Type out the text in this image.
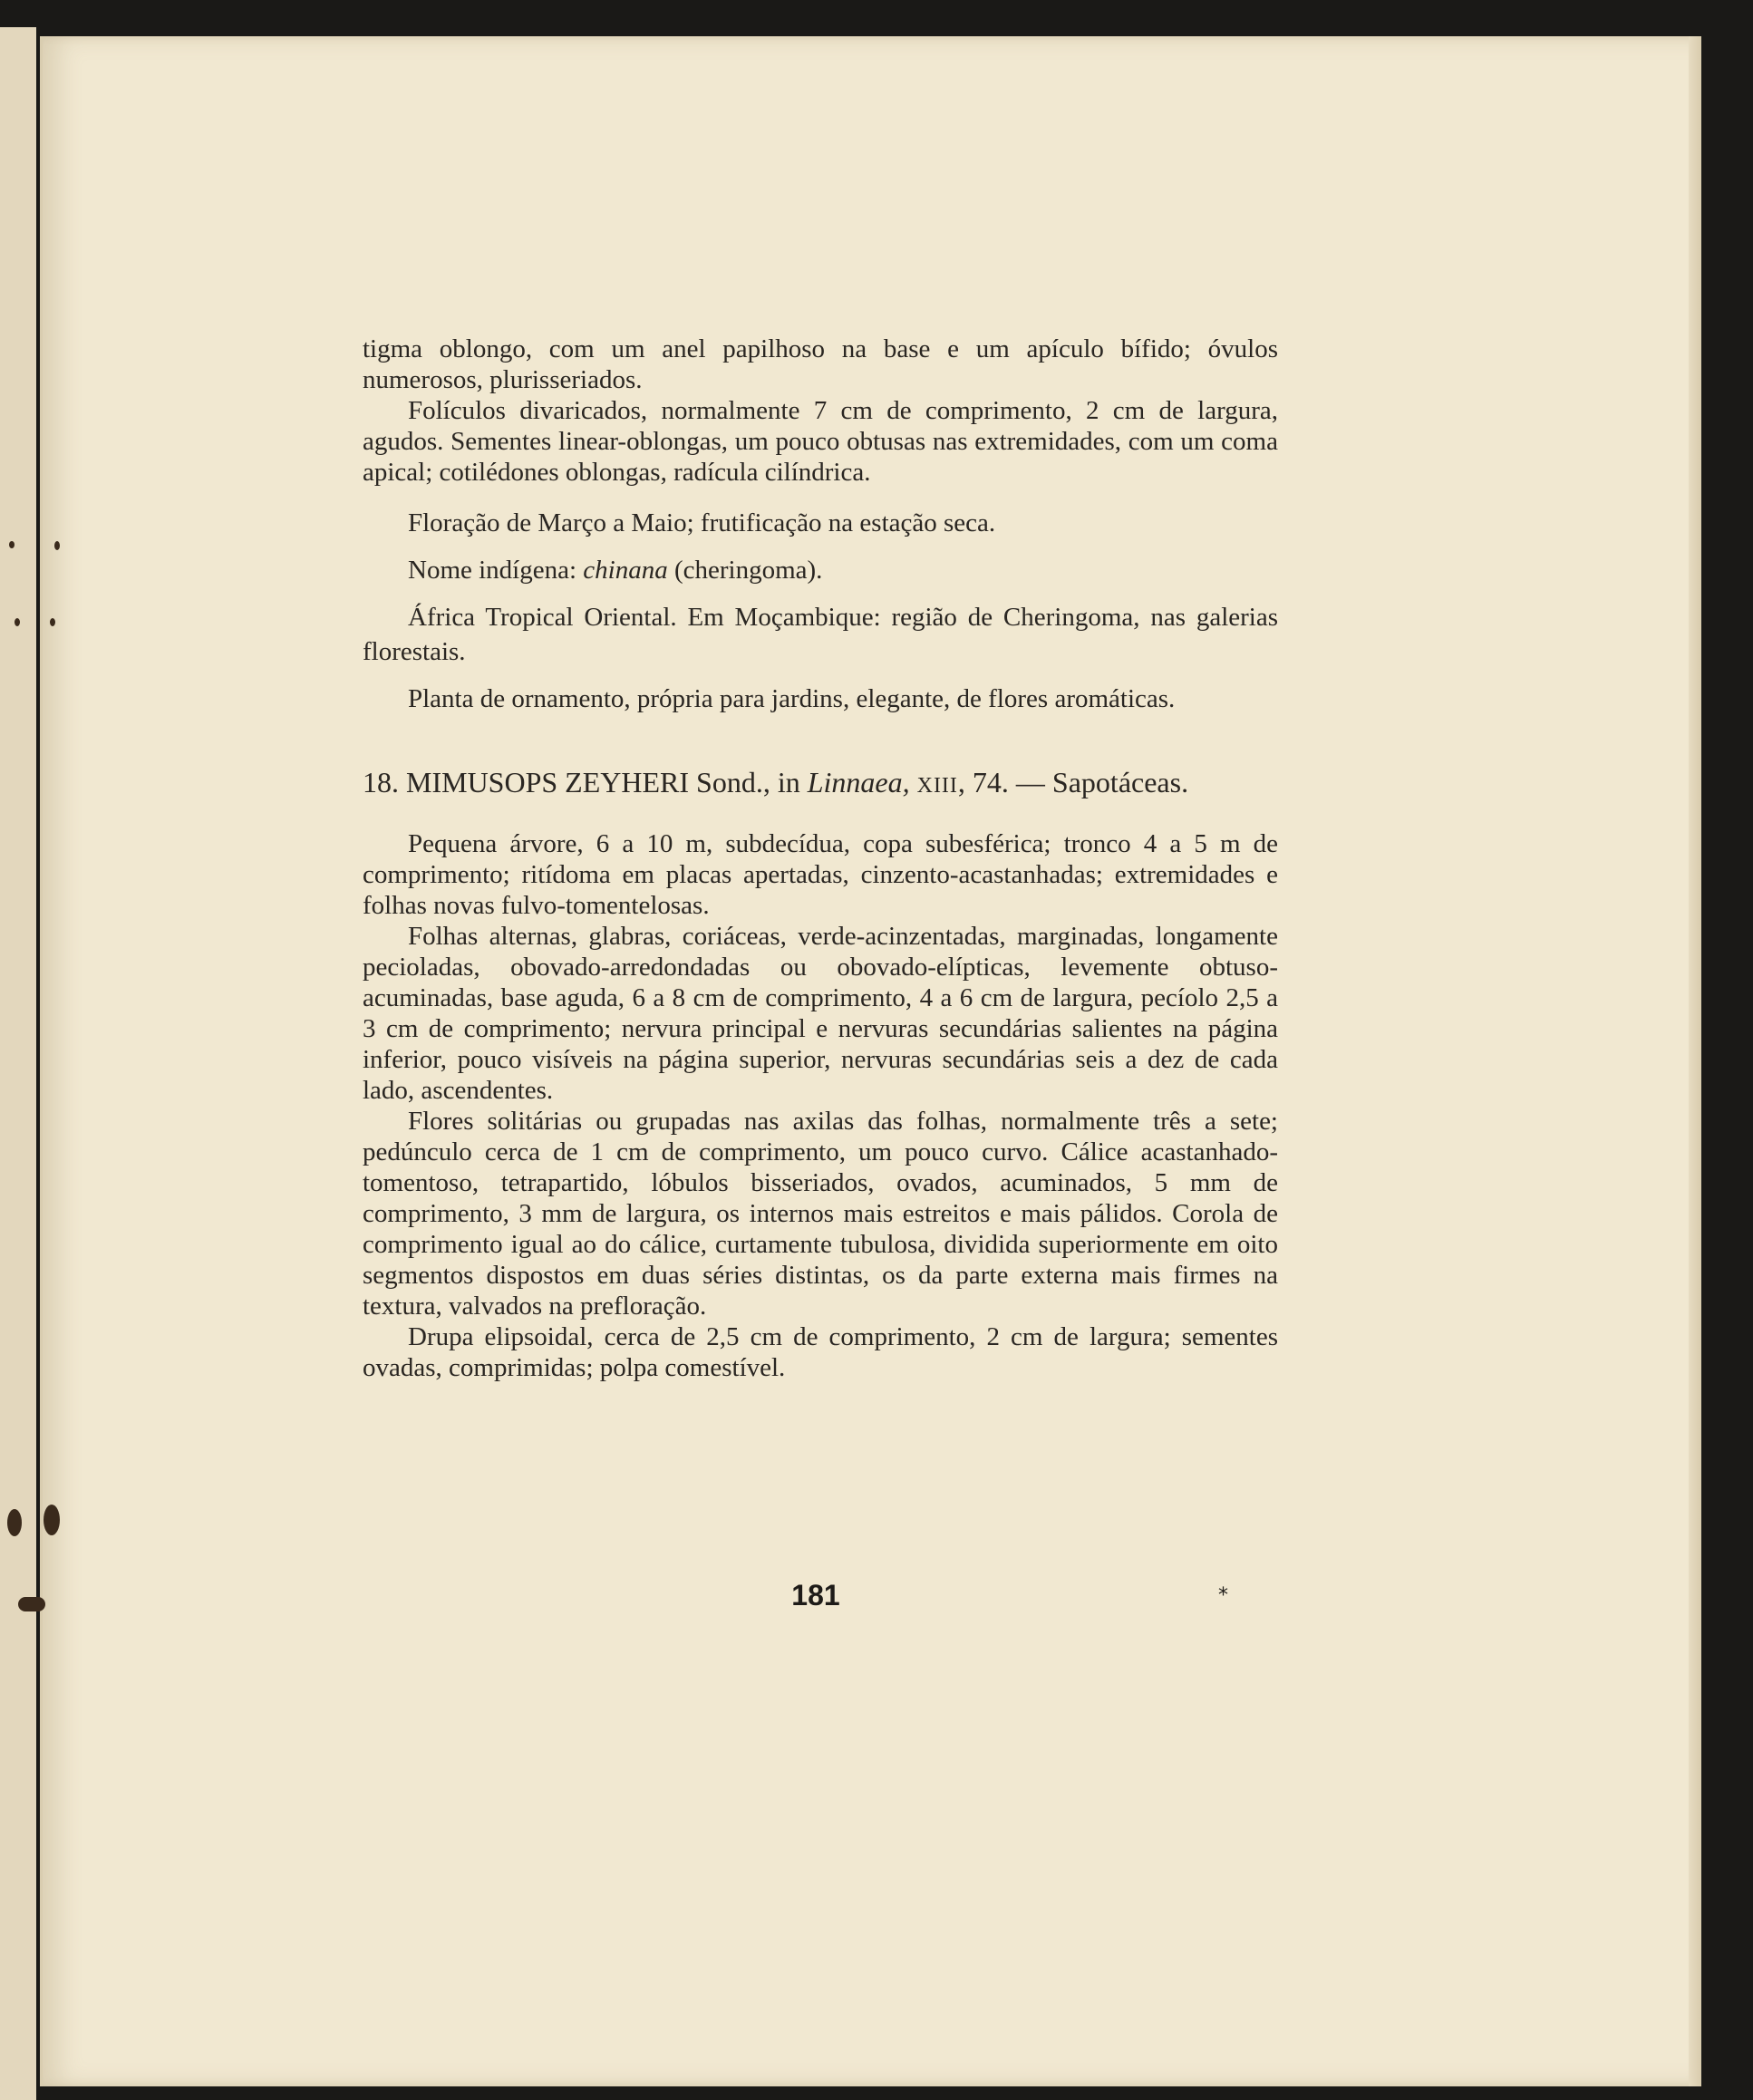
tigma oblongo, com um anel papilhoso na base e um apículo bífido; óvulos numerosos, plurisseriados.

Folículos divaricados, normalmente 7 cm de comprimento, 2 cm de largura, agudos. Sementes linear-oblongas, um pouco obtusas nas extremidades, com um coma apical; cotilédones oblongas, radícula cilíndrica.

Floração de Março a Maio; frutificação na estação seca.

Nome indígena: chinana (cheringoma).

África Tropical Oriental. Em Moçambique: região de Cheringoma, nas galerias florestais.

Planta de ornamento, própria para jardins, elegante, de flores aromáticas.

18. MIMUSOPS ZEYHERI Sond., in Linnaea, XIII, 74. — Sapotáceas.

Pequena árvore, 6 a 10 m, subdecídua, copa subesférica; tronco 4 a 5 m de comprimento; ritídoma em placas apertadas, cinzento-acastanhadas; extremidades e folhas novas fulvo-tomentelosas.

Folhas alternas, glabras, coriáceas, verde-acinzentadas, marginadas, longamente pecioladas, obovado-arredondadas ou obovado-elípticas, levemente obtuso-acuminadas, base aguda, 6 a 8 cm de comprimento, 4 a 6 cm de largura, pecíolo 2,5 a 3 cm de comprimento; nervura principal e nervuras secundárias salientes na página inferior, pouco visíveis na página superior, nervuras secundárias seis a dez de cada lado, ascendentes.

Flores solitárias ou grupadas nas axilas das folhas, normalmente três a sete; pedúnculo cerca de 1 cm de comprimento, um pouco curvo. Cálice acastanhado-tomentoso, tetrapartido, lóbulos bisseriados, ovados, acuminados, 5 mm de comprimento, 3 mm de largura, os internos mais estreitos e mais pálidos. Corola de comprimento igual ao do cálice, curtamente tubulosa, dividida superiormente em oito segmentos dispostos em duas séries distintas, os da parte externa mais firmes na textura, valvados na prefloração.

Drupa elipsoidal, cerca de 2,5 cm de comprimento, 2 cm de largura; sementes ovadas, comprimidas; polpa comestível.

181	*
